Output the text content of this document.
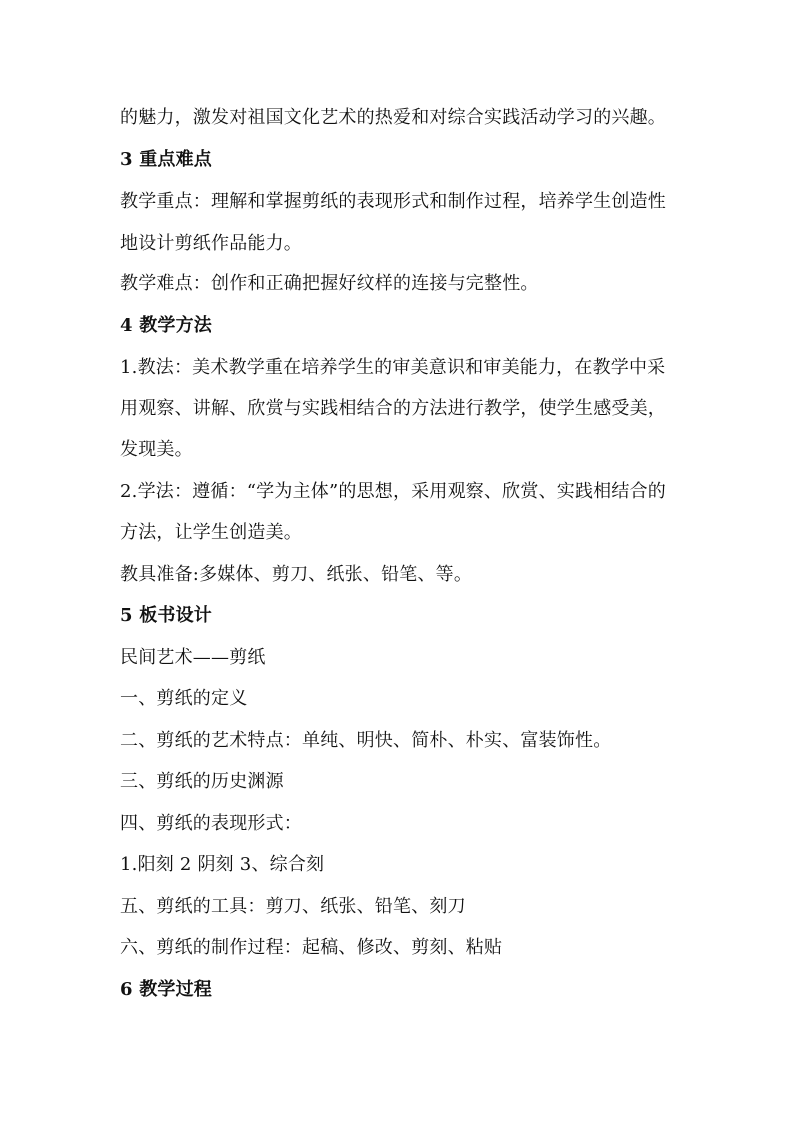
的魅力，激发对祖国文化艺术的热爱和对综合实践活动学习的兴趣。
3 重点难点
教学重点：理解和掌握剪纸的表现形式和制作过程，培养学生创造性
地设计剪纸作品能力。
教学难点：创作和正确把握好纹样的连接与完整性。
4 教学方法
1.教法：美术教学重在培养学生的审美意识和审美能力，在教学中采
用观察、讲解、欣赏与实践相结合的方法进行教学，使学生感受美，
发现美。
2.学法：遵循：“学为主体”的思想，采用观察、欣赏、实践相结合的
方法，让学生创造美。
教具准备:多媒体、剪刀、纸张、铅笔、等。
5 板书设计
民间艺术——剪纸
一、剪纸的定义
二、剪纸的艺术特点：单纯、明快、简朴、朴实、富装饰性。
三、剪纸的历史渊源
四、剪纸的表现形式：
1.阳刻 2 阴刻 3、综合刻
五、剪纸的工具：剪刀、纸张、铅笔、刻刀
六、剪纸的制作过程：起稿、修改、剪刻、粘贴
6 教学过程
